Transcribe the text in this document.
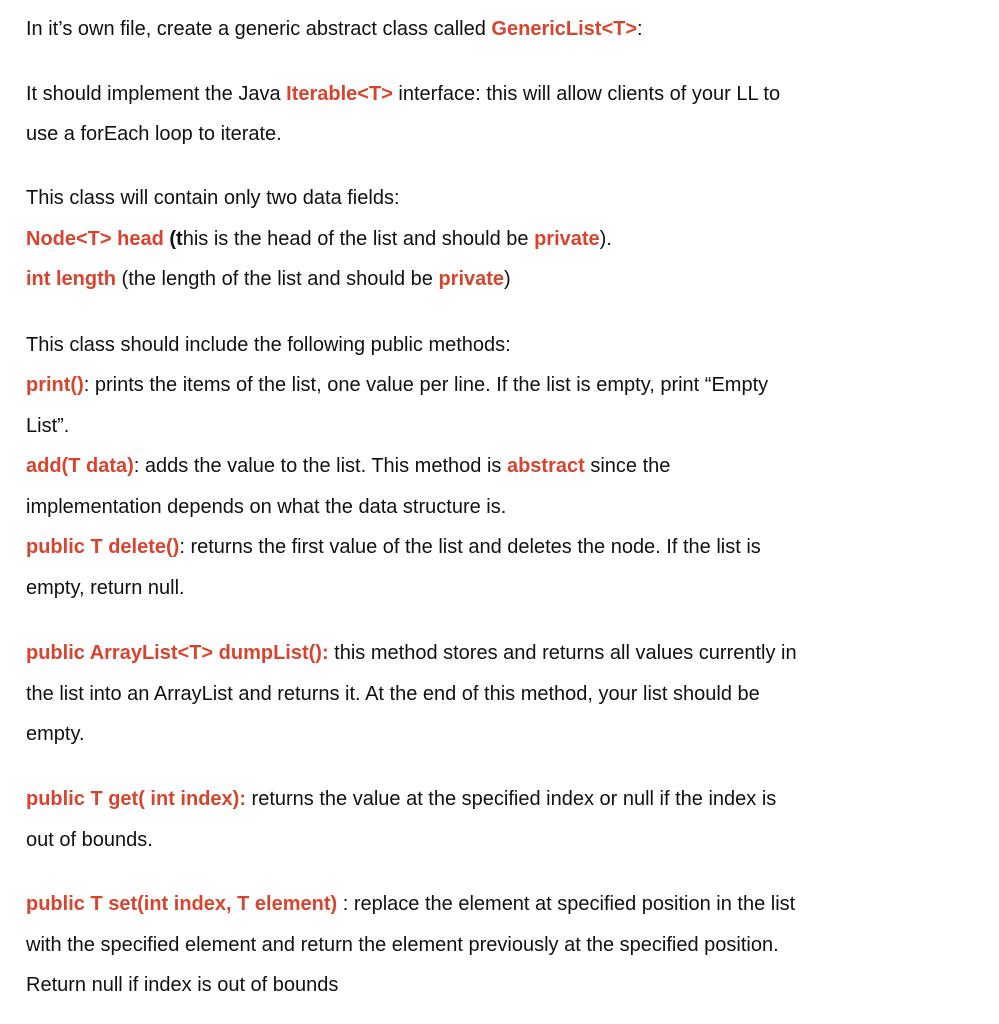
In it’s own file, create a generic abstract class called GenericList<T>:
It should implement the Java Iterable<T> interface: this will allow clients of your LL to
use a forEach loop to iterate.
This class will contain only two data fields:
Node<T> head (this is the head of the list and should be private).
int length (the length of the list and should be private)
This class should include the following public methods:
print(): prints the items of the list, one value per line. If the list is empty, print “Empty
List”.
add(T data): adds the value to the list. This method is abstract since the
implementation depends on what the data structure is.
public T delete(): returns the first value of the list and deletes the node. If the list is
empty, return null.
public ArrayList<T> dumpList(): this method stores and returns all values currently in
the list into an ArrayList and returns it. At the end of this method, your list should be
empty.
public T get( int index): returns the value at the specified index or null if the index is
out of bounds.
public T set(int index, T element) : replace the element at specified position in the list
with the specified element and return the element previously at the specified position.
Return null if index is out of bounds
